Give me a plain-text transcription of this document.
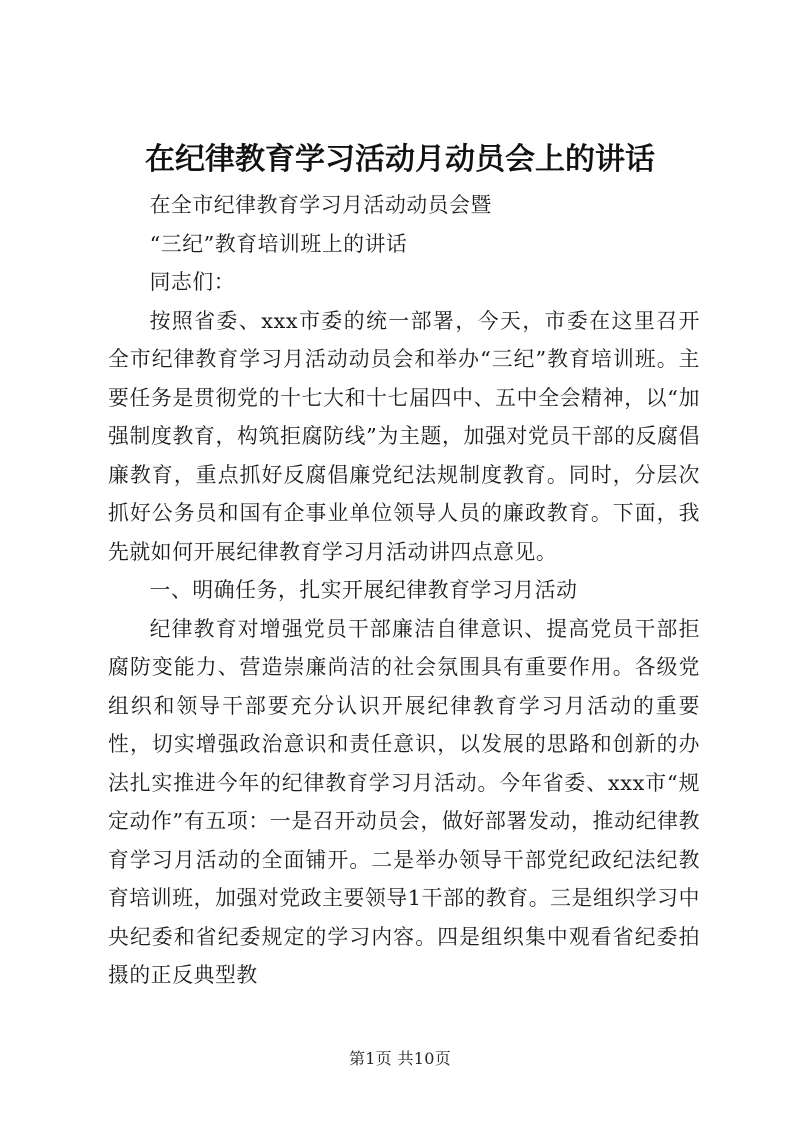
在纪律教育学习活动月动员会上的讲话

在全市纪律教育学习月活动动员会暨

“三纪”教育培训班上的讲话

同志们：

按照省委、xxx市委的统一部署，今天，市委在这里召开全市纪律教育学习月活动动员会和举办“三纪”教育培训班。主要任务是贯彻党的十七大和十七届四中、五中全会精神，以“加强制度教育，构筑拒腐防线”为主题，加强对党员干部的反腐倡廉教育，重点抓好反腐倡廉党纪法规制度教育。同时，分层次抓好公务员和国有企事业单位领导人员的廉政教育。下面，我先就如何开展纪律教育学习月活动讲四点意见。

一、明确任务，扎实开展纪律教育学习月活动

纪律教育对增强党员干部廉洁自律意识、提高党员干部拒腐防变能力、营造崇廉尚洁的社会氛围具有重要作用。各级党组织和领导干部要充分认识开展纪律教育学习月活动的重要性，切实增强政治意识和责任意识，以发展的思路和创新的办法扎实推进今年的纪律教育学习月活动。今年省委、xxx市“规定动作”有五项：一是召开动员会，做好部署发动，推动纪律教育学习月活动的全面铺开。二是举办领导干部党纪政纪法纪教育培训班，加强对党政主要领导1干部的教育。三是组织学习中央纪委和省纪委规定的学习内容。四是组织集中观看省纪委拍摄的正反典型教

第1页 共10页
